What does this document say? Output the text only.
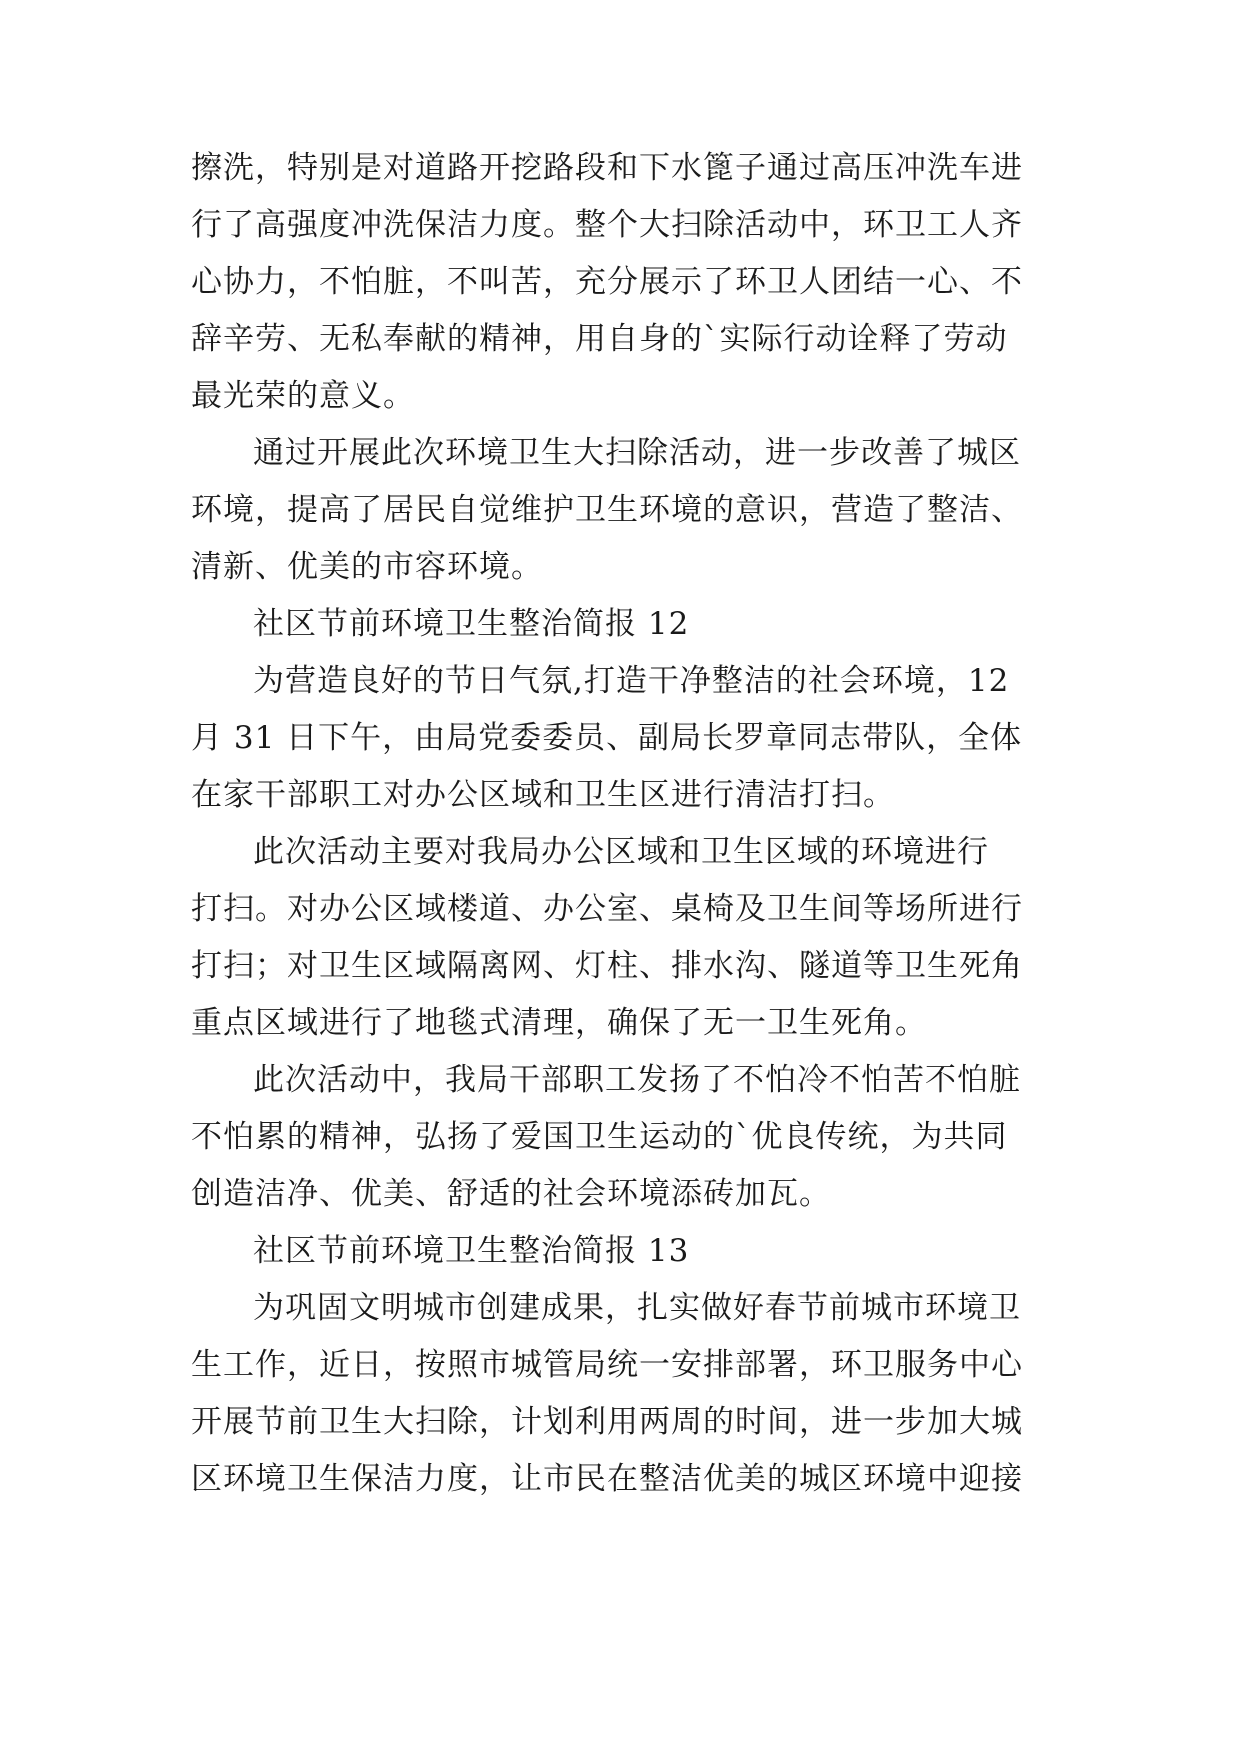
擦洗，特别是对道路开挖路段和下水篦子通过高压冲洗车进
行了高强度冲洗保洁力度。整个大扫除活动中，环卫工人齐
心协力，不怕脏，不叫苦，充分展示了环卫人团结一心、不
辞辛劳、无私奉献的精神，用自身的`实际行动诠释了劳动
最光荣的意义。
通过开展此次环境卫生大扫除活动，进一步改善了城区
环境，提高了居民自觉维护卫生环境的意识，营造了整洁、
清新、优美的市容环境。
社区节前环境卫生整治简报 12
为营造良好的节日气氛,打造干净整洁的社会环境，12
月 31 日下午，由局党委委员、副局长罗章同志带队，全体
在家干部职工对办公区域和卫生区进行清洁打扫。
此次活动主要对我局办公区域和卫生区域的环境进行
打扫。对办公区域楼道、办公室、桌椅及卫生间等场所进行
打扫；对卫生区域隔离网、灯柱、排水沟、隧道等卫生死角
重点区域进行了地毯式清理，确保了无一卫生死角。
此次活动中，我局干部职工发扬了不怕冷不怕苦不怕脏
不怕累的精神，弘扬了爱国卫生运动的`优良传统，为共同
创造洁净、优美、舒适的社会环境添砖加瓦。
社区节前环境卫生整治简报 13
为巩固文明城市创建成果，扎实做好春节前城市环境卫
生工作，近日，按照市城管局统一安排部署，环卫服务中心
开展节前卫生大扫除，计划利用两周的时间，进一步加大城
区环境卫生保洁力度，让市民在整洁优美的城区环境中迎接
